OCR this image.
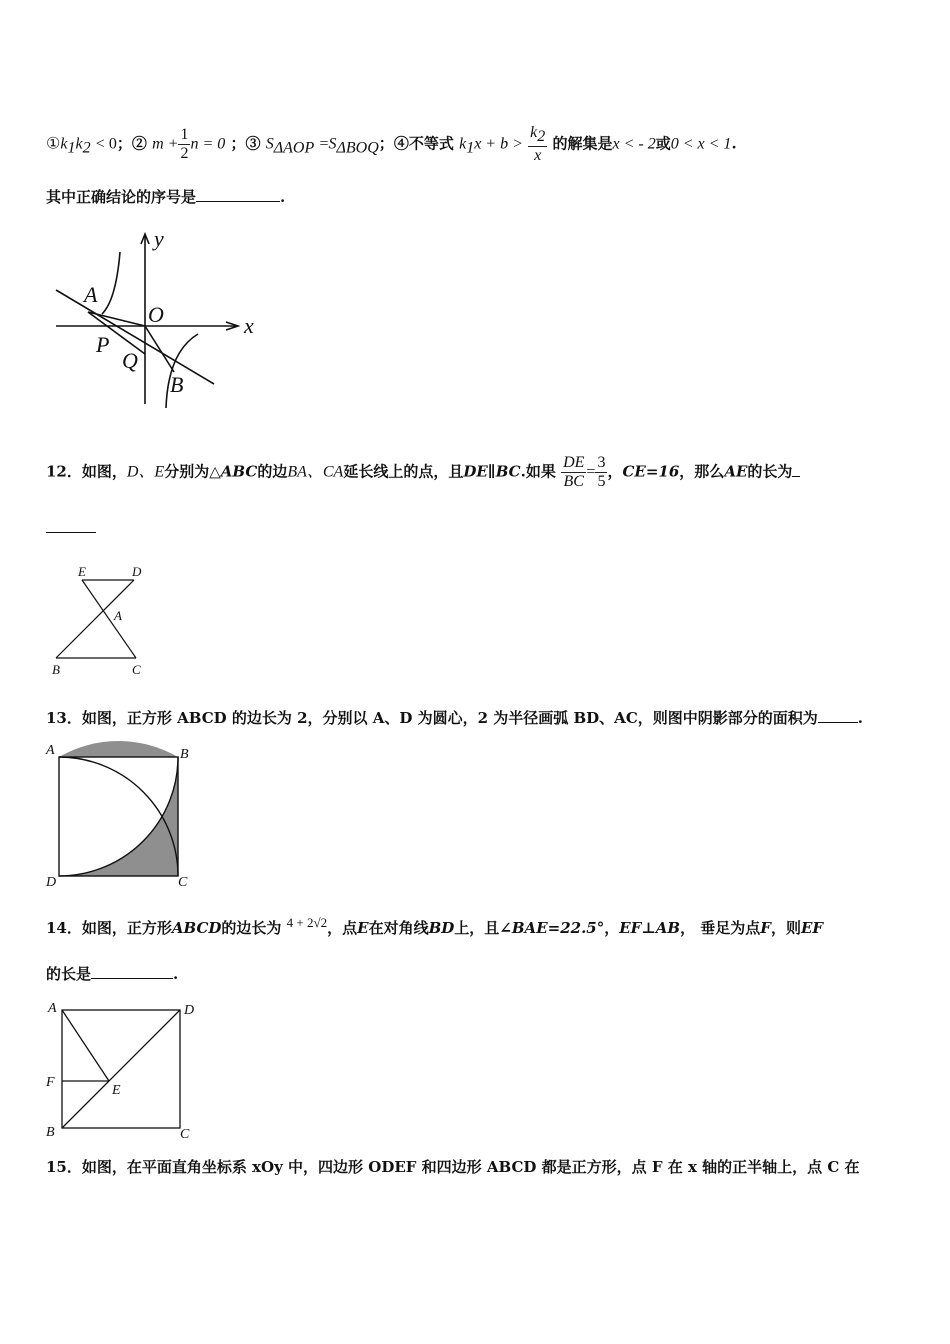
$①k_1k_2 < 0$；② $m + \frac{1}{2}$ n = 0 ；③ $S_{\Delta AOP} =S_{\Delta BOQ}$；④不等式 $k_1x + b > \frac{k_2}{x}$ 的解集是x < - 2或0 < x < 1.
其中正确结论的序号是	.
y
x
A
O
P
Q
B
12．如图，D、E分别为△ABC的边BA、CA延长线上的点，且DE∥BC.如果 $\frac{DE}{BC} = \frac{3}{5}$ ，CE=16，那么AE的长为
E	D
A
B	C
13．如图，正方形 ABCD 的边长为 2，分别以 A、D 为圆心，2 为半径画弧 BD、AC，则图中阴影部分的面积为	.
A	B
C
D
14．如图，正方形ABCD的边长为 $^{4 + 2√2}$，点E在对角线BD上，且∠BAE=22.5°，EF⊥AB， 垂足为点F，则EF
的长是	.
A	D
F
E
B	C
15．如图，在平面直角坐标系 xOy 中，四边形 ODEF 和四边形 ABCD 都是正方形，点 F 在 x 轴的正半轴上，点 C 在
